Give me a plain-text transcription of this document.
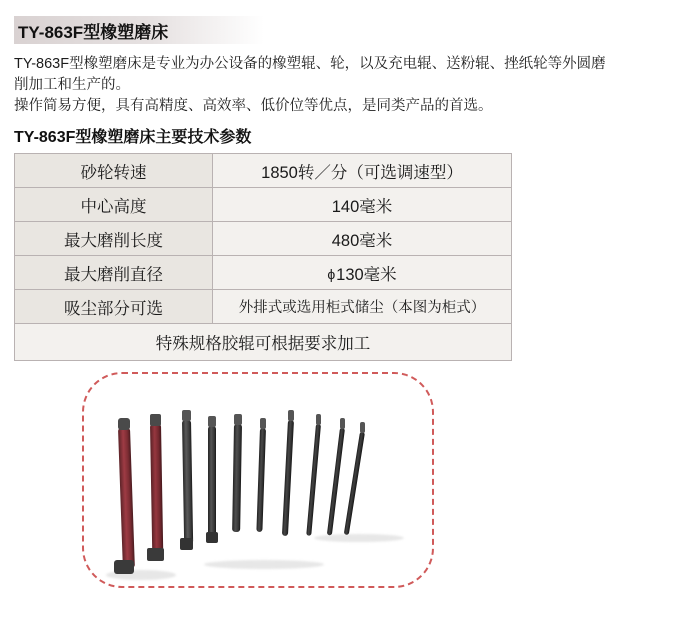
TY-863F型橡塑磨床
TY-863F型橡塑磨床是专业为办公设备的橡塑辊、轮，以及充电辊、送粉辊、挫纸轮等外圆磨
削加工和生产的。
操作简易方便，具有高精度、高效率、低价位等优点，是同类产品的首选。
TY-863F型橡塑磨床主要技术参数
砂轮转速	1850转／分（可选调速型）
中心高度	140毫米
最大磨削长度	480毫米
最大磨削直径	ϕ130毫米
吸尘部分可选	外排式或选用柜式储尘（本图为柜式）
特殊规格胶辊可根据要求加工	
